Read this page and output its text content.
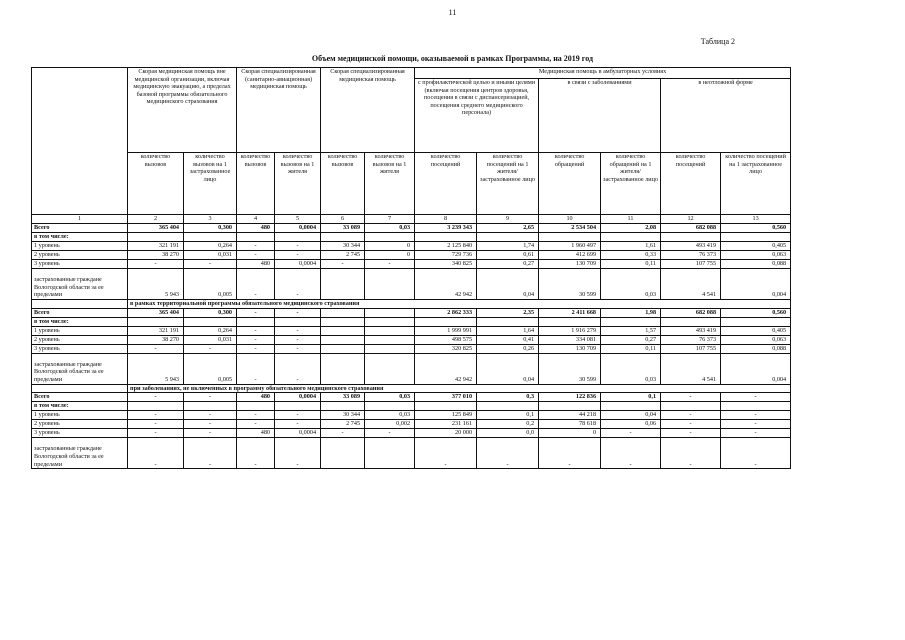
11
Таблица 2
Объем медицинской помощи, оказываемой в рамках Программы, на 2019 год
	Скорая медицинская помощь вне медицинской организации, включая медицинскую эвакуацию, а пределах базовой программы обязательного медицинского страхования		Скорая специализированная (санитарно-авиационная) медицинская помощь		Скорая специализированная медицинская помощь		Медицинская помощь в амбулаторных условиях					
							с профилактической целью и иными целями (включая посещения центров здоровья, посещения в связи с диспансеризацией, посещения среднего медицинского персонала)		в связи с заболеваниями		в неотложной форме	
	количество вызовов	количество вызовов на 1 застрахованное лицо	количество вызовов	количество вызовов на 1 жителя	количество вызовов	количество вызовов на 1 жителя	количество посещений	количество посещений на 1 жителя/ застрахованное лицо	количество обращений	количество обращений на 1 жителя/ застрахованное лицо	количество посещений	количество посещений на 1 застрахованное лицо
1	2	3	4	5	6	7	8	9	10	11	12	13
Всего	365 404	0,300	480	0,0004	33 089	0,03	3 239 343	2,65	2 534 504	2,08	682 088	0,560
в том числе:												
1 уровень	321 191	0,264	-	-	30 344	0	2 125 840	1,74	1 960 497	1,61	493 419	0,405
2 уровень	38 270	0,031	-	-	2 745	0	729 736	0,61	412 699	0,33	76 373	0,063
3 уровень	-	-	480	0,0004	-	-	340 825	0,27	130 709	0,11	107 755	0,088
застрахованные граждане Вологодской области за ее пределами	5 943	0,005	-	-			42 942	0,04	30 599	0,03	4 541	0,004
	в рамках территориальной программы обязательного медицинского страхования											
Всего	365 404	0,300	-	-			2 862 333	2,35	2 411 668	1,98	682 088	0,560
в том числе:												
1 уровень	321 191	0,264	-	-			1 999 991	1,64	1 916 279	1,57	493 419	0,405
2 уровень	38 270	0,031	-	-			498 575	0,41	334 081	0,27	76 373	0,063
3 уровень	-	-	-	-			320 825	0,26	130 709	0,11	107 755	0,088
застрахованные граждане Вологодской области за ее пределами	5 943	0,005	-	-			42 942	0,04	30 599	0,03	4 541	0,004
	при заболеваниях, не включенных в программу обязательного медицинского страхования											
Всего	-	-	480	0,0004	33 089	0,03	377 010	0,3	122 836	0,1	-	-
в том числе:												
1 уровень	-	-	-	-	30 344	0,03	125 849	0,1	44 218	0,04	-	-
2 уровень	-	-	-	-	2 745	0,002	231 161	0,2	78 618	0,06	-	-
3 уровень	-	-	480	0,0004	-	-	20 000	0,0	0	-	-	-
застрахованные граждане Вологодской области за ее пределами	-	-	-	-			-	-	-	-	-	-
